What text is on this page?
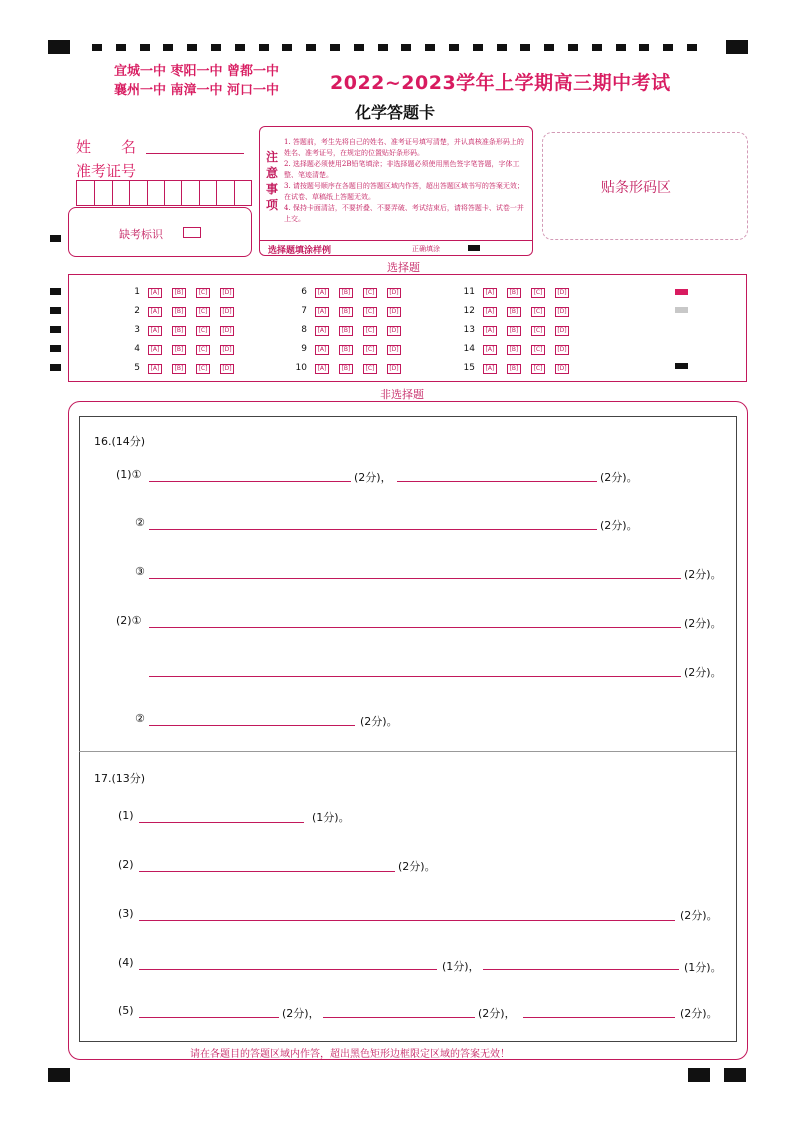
宜城一中 枣阳一中 曾都一中
襄州一中 南漳一中 河口一中	2022~2023学年上学期高三期中考试
化学答题卡
姓　　名
准考证号
缺考标识
注意事项
1. 答题前，考生先将自己的姓名、准考证号填写清楚，并认真核准条形码上的姓名、准考证号，在规定的位置贴好条形码。
2. 选择题必须使用2B铅笔填涂；非选择题必须使用黑色签字笔答题，字体工整、笔迹清楚。
3. 请按题号顺序在各题目的答题区域内作答，超出答题区域书写的答案无效；在试卷、草稿纸上答题无效。
4. 保持卡面清洁，不要折叠、不要弄破、考试结束后，请将答题卡、试卷一并上交。
选择题填涂样例	正确填涂
贴条形码区
选择题
非选择题
16.(14分)
(1)①	(2分)，	(2分)。
②	(2分)。
③	(2分)。
(2)①	(2分)。
(2分)。
②	(2分)。
17.(13分)
(1)	(1分)。
(2)	(2分)。
(3)	(2分)。
(4)	(1分)，	(1分)。
(5)	(2分)，	(2分)，	(2分)。
请在各题目的答题区域内作答，超出黑色矩形边框限定区域的答案无效！
1	[A]	[B]	[C]	[D]
2	[A]	[B]	[C]	[D]
3	[A]	[B]	[C]	[D]
4	[A]	[B]	[C]	[D]
5	[A]	[B]	[C]	[D]
6	[A]	[B]	[C]	[D]
7	[A]	[B]	[C]	[D]
8	[A]	[B]	[C]	[D]
9	[A]	[B]	[C]	[D]
10	[A]	[B]	[C]	[D]
11	[A]	[B]	[C]	[D]
12	[A]	[B]	[C]	[D]
13	[A]	[B]	[C]	[D]
14	[A]	[B]	[C]	[D]
15	[A]	[B]	[C]	[D]
